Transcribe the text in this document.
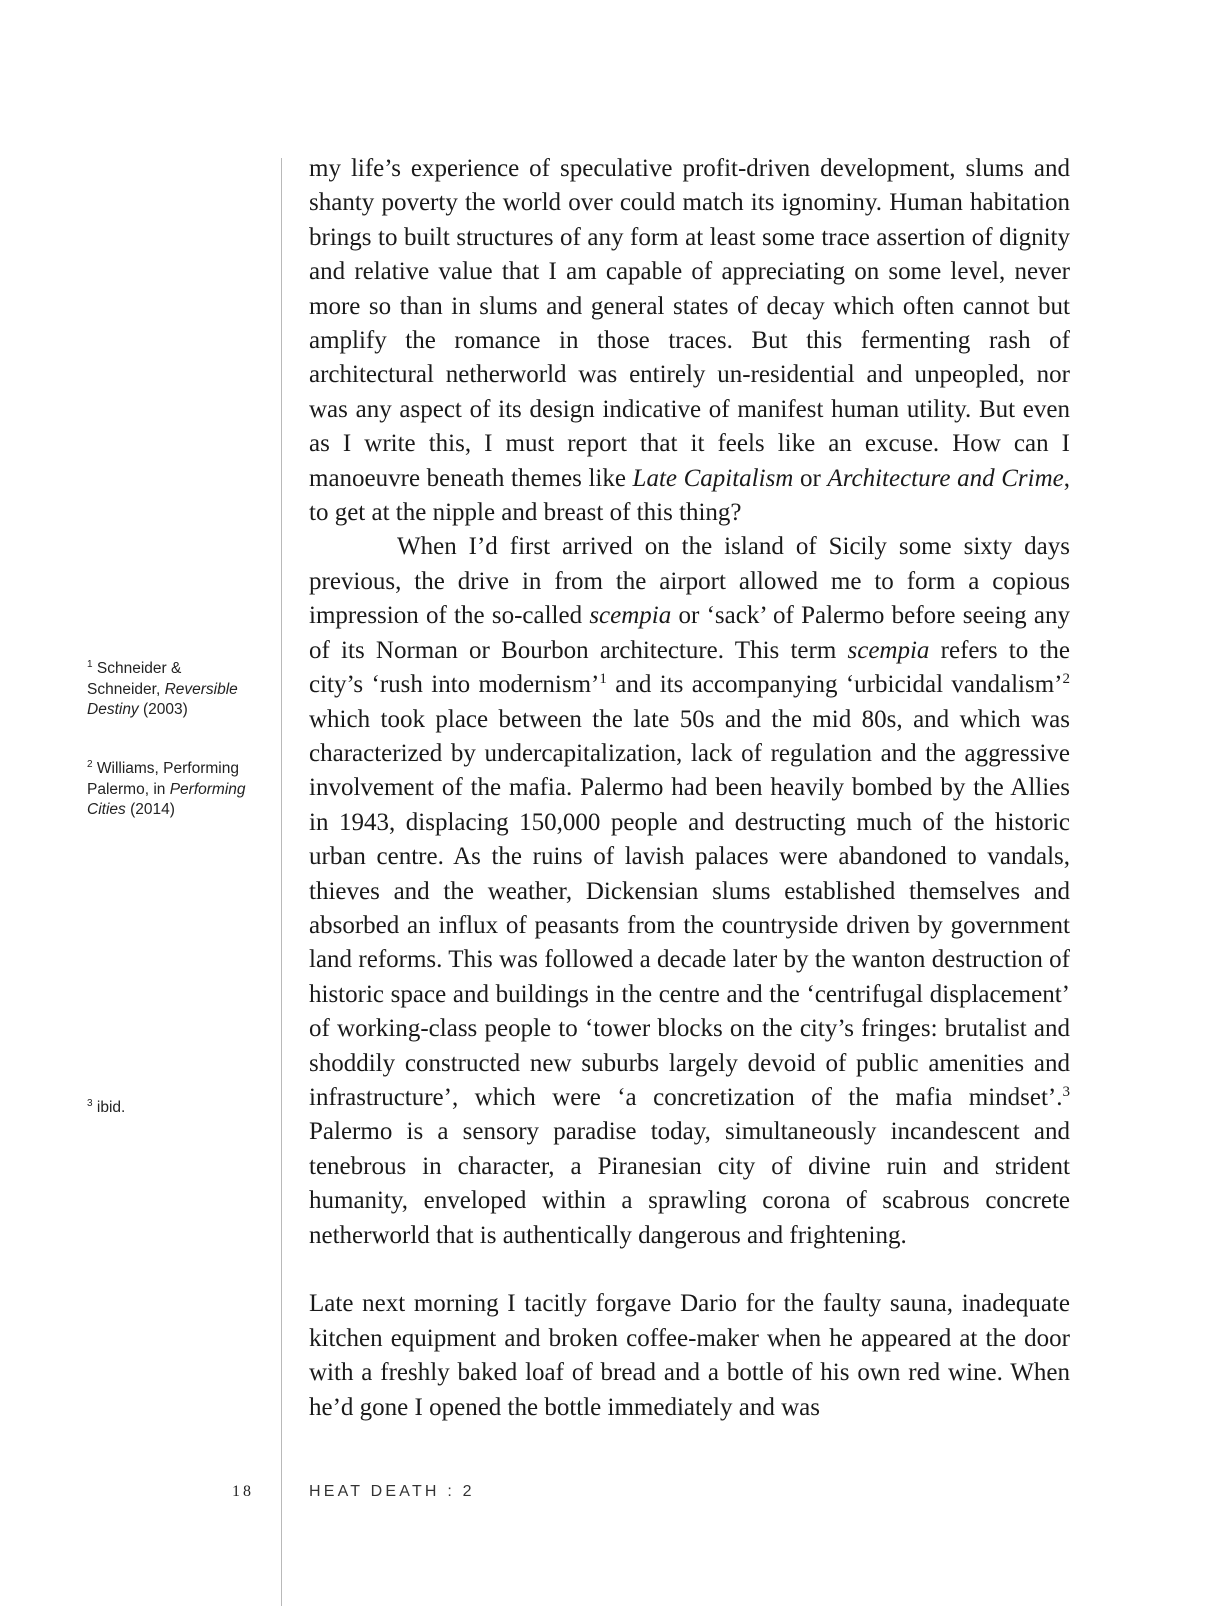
$^1$ Schneider & Schneider, Reversible Destiny (2003)
$^2$ Williams, Performing Palermo, in Performing Cities (2014)
$^3$ ibid.

my life’s experience of speculative profit-driven development, slums and shanty poverty the world over could match its ignominy. Human habitation brings to built structures of any form at least some trace assertion of dignity and relative value that I am capable of appreciating on some level, never more so than in slums and general states of decay which often cannot but amplify the romance in those traces. But this fermenting rash of architectural netherworld was entirely un-residential and unpeopled, nor was any aspect of its design indicative of manifest human utility. But even as I write this, I must report that it feels like an excuse. How can I manoeuvre beneath themes like Late Capitalism or Architecture and Crime, to get at the nipple and breast of this thing?

When I’d first arrived on the island of Sicily some sixty days previous, the drive in from the airport allowed me to form a copious impression of the so-called scempia or ‘sack’ of Palermo before seeing any of its Norman or Bourbon architecture. This term scempia refers to the city’s ‘rush into modernism’$^1$ and its accompanying ‘urbicidal vandalism’$^2$ which took place between the late 50s and the mid 80s, and which was characterized by undercapitalization, lack of regulation and the aggressive involvement of the mafia. Palermo had been heavily bombed by the Allies in 1943, displacing 150,000 people and destructing much of the historic urban centre. As the ruins of lavish palaces were abandoned to vandals, thieves and the weather, Dickensian slums established themselves and absorbed an influx of peasants from the countryside driven by government land reforms. This was followed a decade later by the wanton destruction of historic space and buildings in the centre and the ‘centrifugal displacement’ of working-class people to ‘tower blocks on the city’s fringes: brutalist and shoddily constructed new suburbs largely devoid of public amenities and infrastructure’, which were ‘a concretization of the mafia mindset’.$^3$ Palermo is a sensory paradise today, simultaneously incandescent and tenebrous in character, a Piranesian city of divine ruin and strident humanity, enveloped within a sprawling corona of scabrous concrete netherworld that is authentically dangerous and frightening.

Late next morning I tacitly forgave Dario for the faulty sauna, inadequate kitchen equipment and broken coffee-maker when he appeared at the door with a freshly baked loaf of bread and a bottle of his own red wine. When he’d gone I opened the bottle immediately and was

18	HEAT DEATH : 2
